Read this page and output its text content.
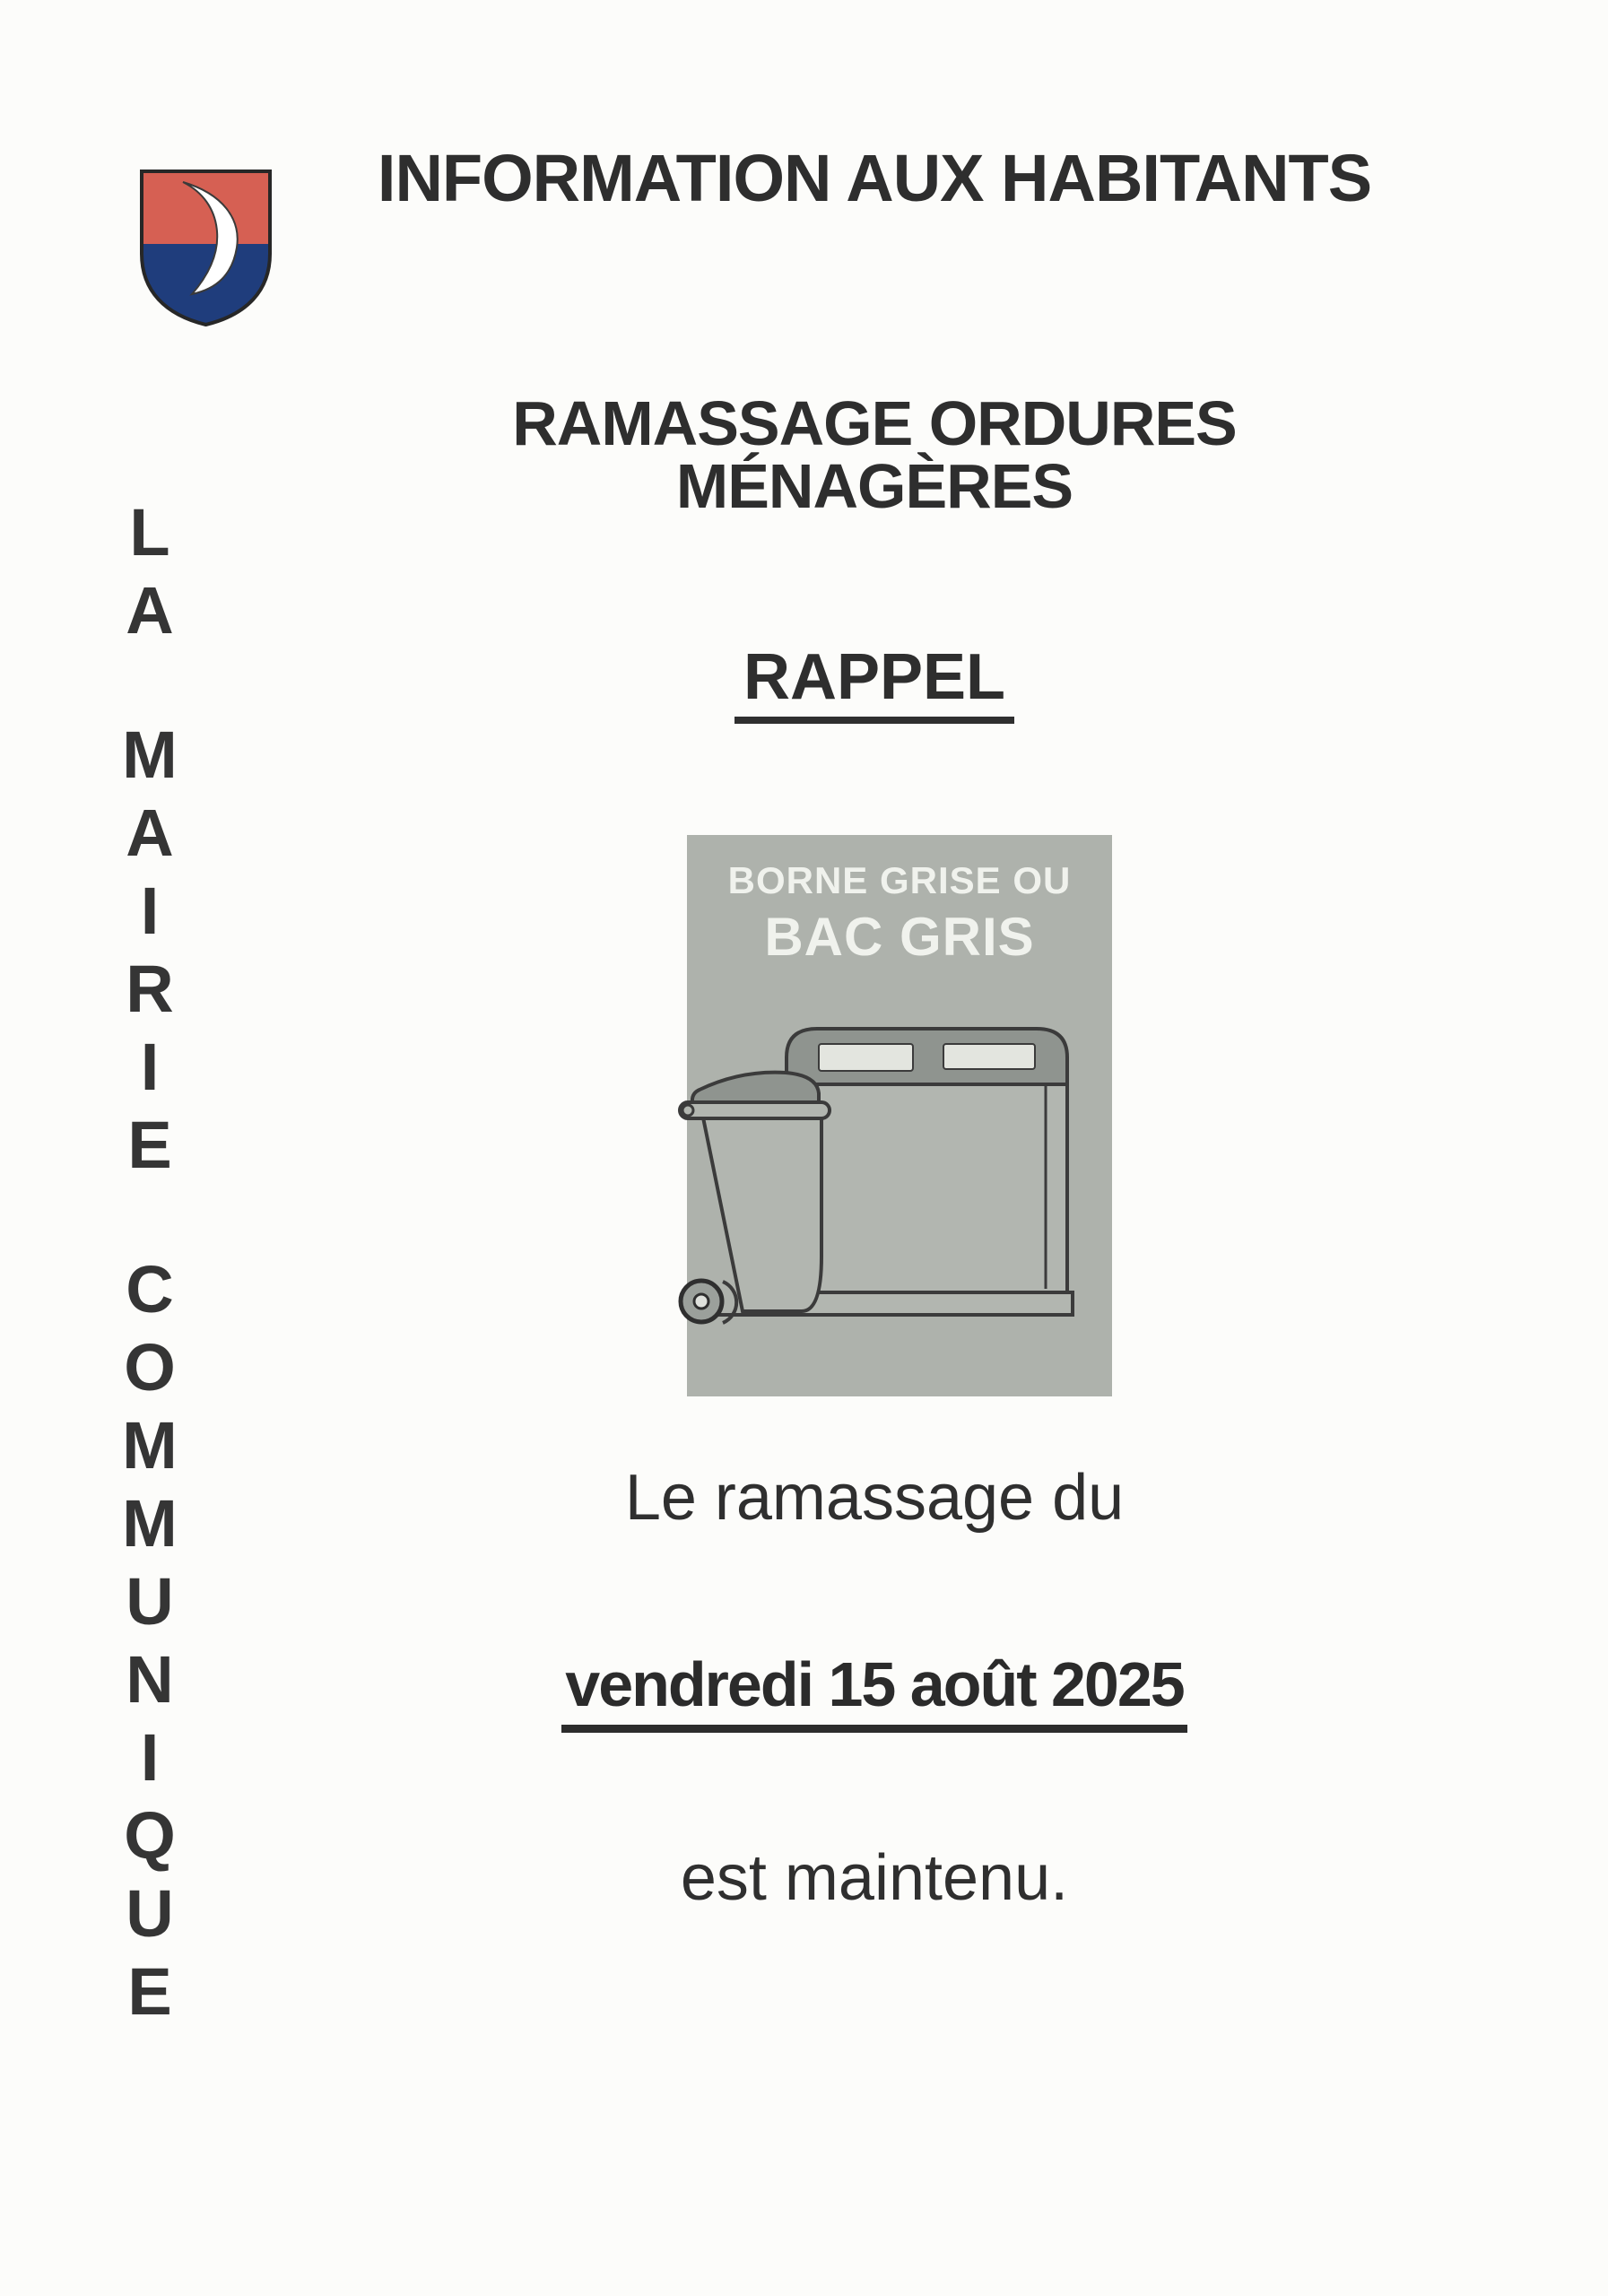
L
A
M
A
I
R
I
E
C
O
M
M
U
N
I
Q
U
E
INFORMATION AUX HABITANTS
RAMASSAGE ORDURES MÉNAGÈRES
RAPPEL
BORNE GRISE OU
BAC GRIS
Le ramassage du
vendredi 15 août 2025
est maintenu.
